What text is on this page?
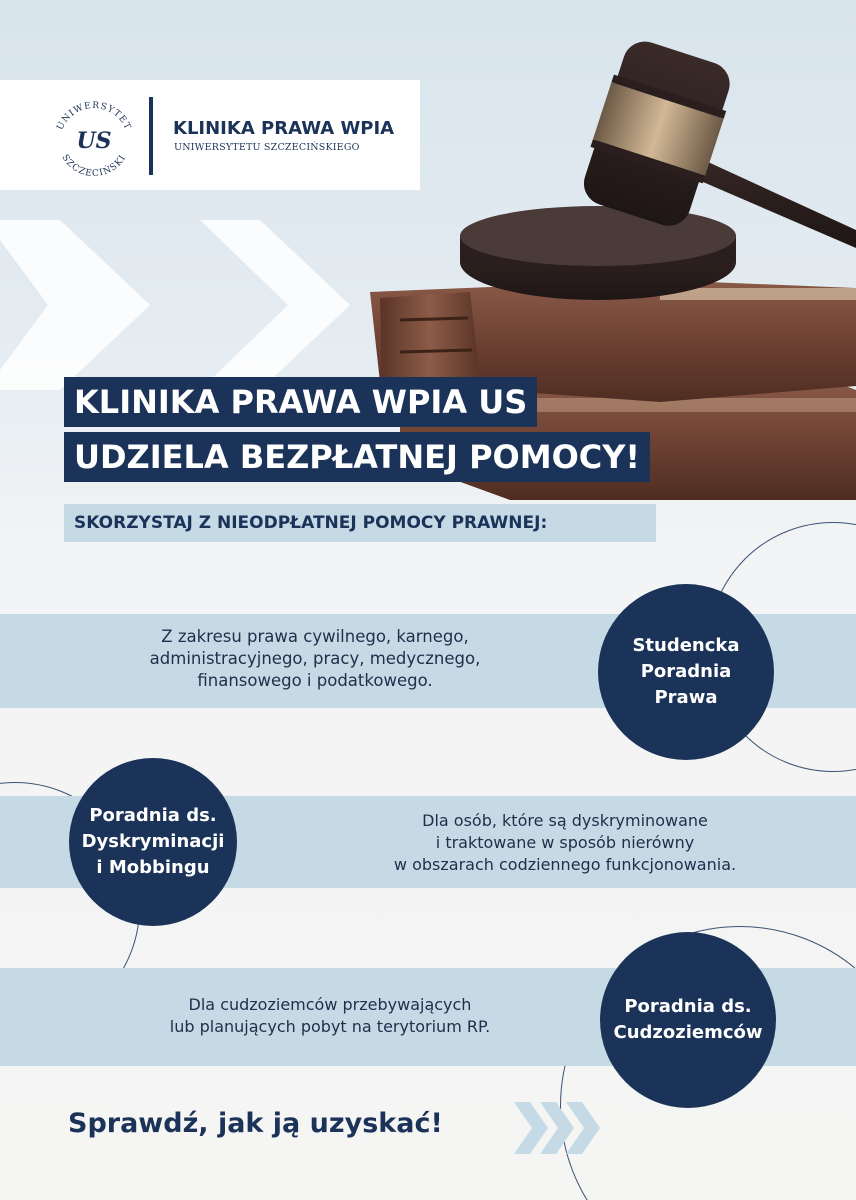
UNIWERSYTET
SZCZECIŃSKI
US	KLINIKA PRAWA WPIA
UNIWERSYTETU SZCZECIŃSKIEGO
KLINIKA PRAWA WPIA US
UDZIELA BEZPŁATNEJ POMOCY!
SKORZYSTAJ Z NIEODPŁATNEJ POMOCY PRAWNEJ:
Z zakresu prawa cywilnego, karnego,
administracyjnego, pracy, medycznego,
finansowego i podatkowego.
Dla osób, które są dyskryminowane
i traktowane w sposób nierówny
w obszarach codziennego funkcjonowania.
Dla cudzoziemców przebywających
lub planujących pobyt na terytorium RP.
Studencka
Poradnia
Prawa
Poradnia ds.
Dyskryminacji
i Mobbingu
Poradnia ds.
Cudzoziemców
Sprawdź, jak ją uzyskać!
